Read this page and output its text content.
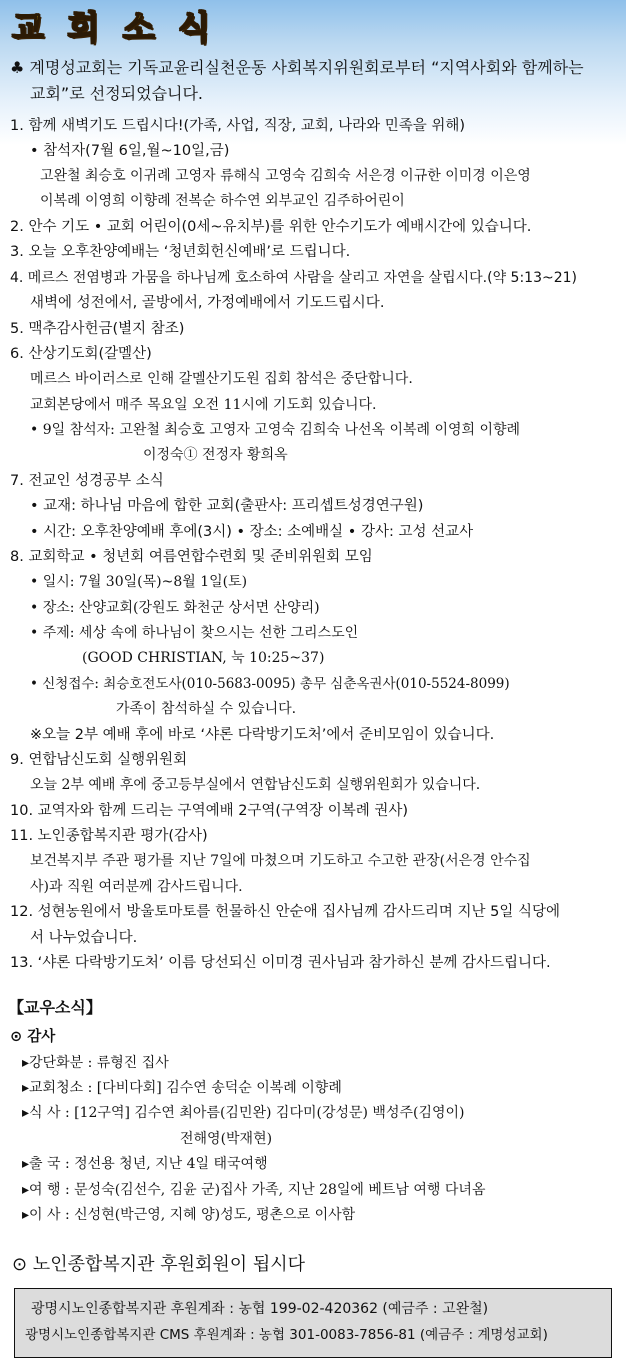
교 회 소 식
♣ 계명성교회는 기독교윤리실천운동 사회복지위원회로부터 “지역사회와 함께하는
교회”로 선정되었습니다.
1. 함께 새벽기도 드립시다!(가족, 사업, 직장, 교회, 나라와 민족을 위해)
• 참석자(7월 6일,월~10일,금)
고완철 최승호 이귀례 고영자 류해식 고영숙 김희숙 서은경 이규한 이미경 이은영
이복례 이영희 이향례 전복순 하수연 외부교인 김주하어린이
2. 안수 기도 • 교회 어린이(0세~유치부)를 위한 안수기도가 예배시간에 있습니다.
3. 오늘 오후찬양예배는 ‘청년회헌신예배’로 드립니다.
4. 메르스 전염병과 가뭄을 하나님께 호소하여 사람을 살리고 자연을 살립시다.(약 5:13~21)
새벽에 성전에서, 골방에서, 가정예배에서 기도드립시다.
5. 맥추감사헌금(별지 참조)
6. 산상기도회(갈멜산)
메르스 바이러스로 인해 갈멜산기도원 집회 참석은 중단합니다.
교회본당에서 매주 목요일 오전 11시에 기도회 있습니다.
• 9일 참석자: 고완철 최승호 고영자 고영숙 김희숙 나선옥 이복례 이영희 이향례
이정숙① 전정자 황희옥
7. 전교인 성경공부 소식
• 교재: 하나님 마음에 합한 교회(출판사: 프리셉트성경연구원)
• 시간: 오후찬양예배 후에(3시) • 장소: 소예배실 • 강사: 고성 선교사
8. 교회학교 • 청년회 여름연합수련회 및 준비위원회 모임
• 일시: 7월 30일(목)~8월 1일(토)
• 장소: 산양교회(강원도 화천군 상서면 산양리)
• 주제: 세상 속에 하나님이 찾으시는 선한 그리스도인
(GOOD CHRISTIAN, 눅 10:25~37)
• 신청접수: 최승호전도사(010-5683-0095) 총무 심춘옥권사(010-5524-8099)
가족이 참석하실 수 있습니다.
※오늘 2부 예배 후에 바로 ‘샤론 다락방기도처’에서 준비모임이 있습니다.
9. 연합남신도회 실행위원회
오늘 2부 예배 후에 중고등부실에서 연합남신도회 실행위원회가 있습니다.
10. 교역자와 함께 드리는 구역예배 2구역(구역장 이복례 권사)
11. 노인종합복지관 평가(감사)
보건복지부 주관 평가를 지난 7일에 마쳤으며 기도하고 수고한 관장(서은경 안수집
사)과 직원 여러분께 감사드립니다.
12. 성현농원에서 방울토마토를 헌물하신 안순애 집사님께 감사드리며 지난 5일 식당에
서 나누었습니다.
13. ‘샤론 다락방기도처’ 이름 당선되신 이미경 권사님과 참가하신 분께 감사드립니다.
【교우소식】
⊙ 감사
▸강단화분 : 류형진 집사
▸교회청소 : [다비다회] 김수연 송덕순 이복례 이향례
▸식 사 : [12구역] 김수연 최아름(김민완) 김다미(강성문) 백성주(김영이)
전해영(박재현)
▸출 국 : 정선용 청년, 지난 4일 태국여행
▸여 행 : 문성숙(김선수, 김윤 군)집사 가족, 지난 28일에 베트남 여행 다녀옴
▸이 사 : 신성현(박근영, 지혜 양)성도, 평촌으로 이사함
⊙ 노인종합복지관 후원회원이 됩시다
광명시노인종합복지관 후원계좌 : 농협 199-02-420362 (예금주 : 고완철)
광명시노인종합복지관 CMS 후원계좌 : 농협 301-0083-7856-81 (예금주 : 계명성교회)
